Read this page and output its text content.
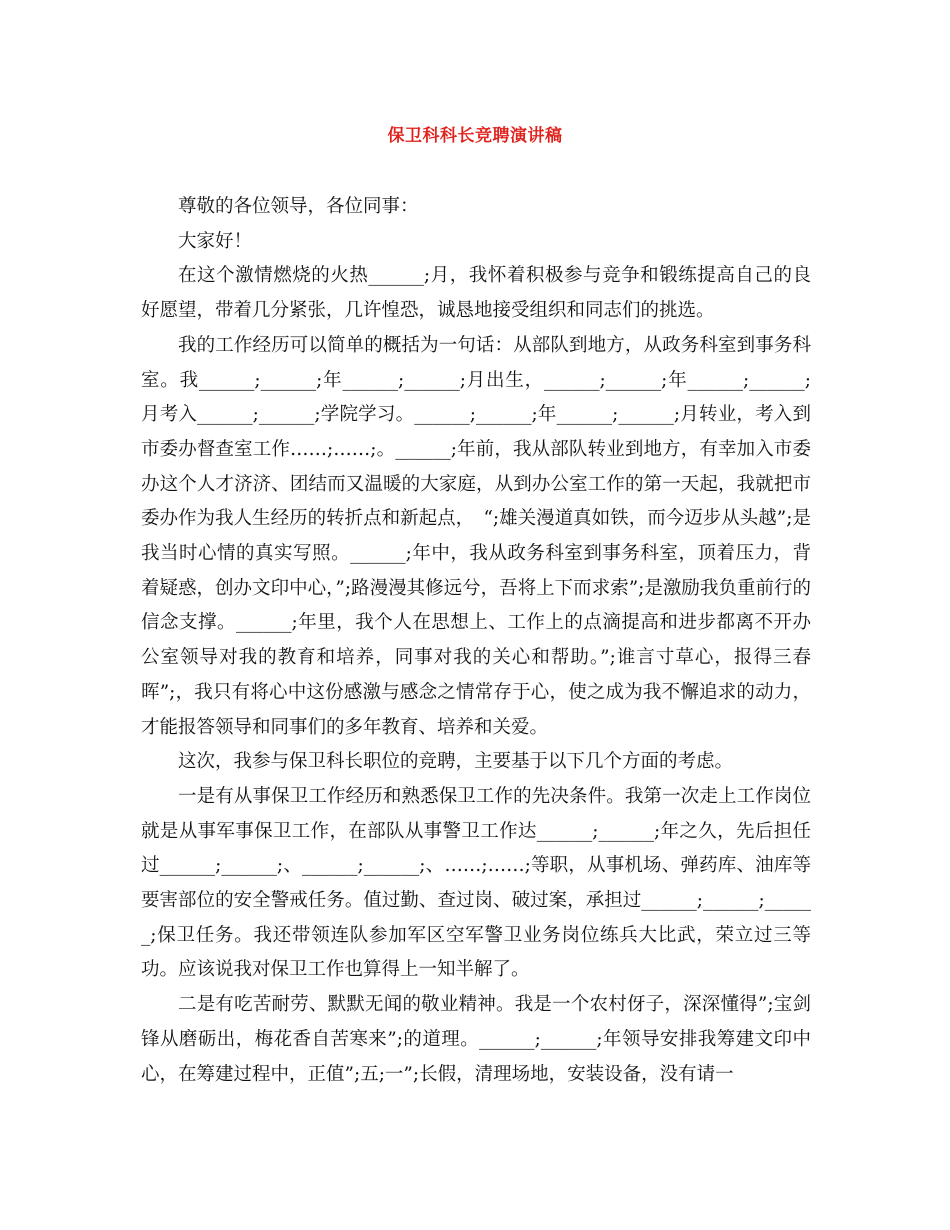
保卫科科长竞聘演讲稿

尊敬的各位领导，各位同事：

大家好！

在这个激情燃烧的火热______;月，我怀着积极参与竞争和锻练提高自己的良好愿望，带着几分紧张，几许惶恐，诚恳地接受组织和同志们的挑选。

我的工作经历可以简单的概括为一句话：从部队到地方，从政务科室到事务科室。我______;______;年______;______;月出生，______;______;年______;______;月考入______;______;学院学习。______;______;年______;______;月转业，考入到市委办督查室工作……;……;。______;年前，我从部队转业到地方，有幸加入市委办这个人才济济、团结而又温暖的大家庭，从到办公室工作的第一天起，我就把市委办作为我人生经历的转折点和新起点，　“;雄关漫道真如铁，而今迈步从头越”;是我当时心情的真实写照。______;年中，我从政务科室到事务科室，顶着压力，背着疑惑，创办文印中心，”;路漫漫其修远兮，吾将上下而求索”;是激励我负重前行的信念支撑。______;年里，我个人在思想上、工作上的点滴提高和进步都离不开办公室领导对我的教育和培养，同事对我的关心和帮助。”;谁言寸草心，报得三春晖”;，我只有将心中这份感激与感念之情常存于心，使之成为我不懈追求的动力，才能报答领导和同事们的多年教育、培养和关爱。

这次，我参与保卫科长职位的竞聘，主要基于以下几个方面的考虑。

一是有从事保卫工作经历和熟悉保卫工作的先决条件。我第一次走上工作岗位就是从事军事保卫工作，在部队从事警卫工作达______;______;年之久，先后担任过______;______;、______;______;、……;……;等职，从事机场、弹药库、油库等要害部位的安全警戒任务。值过勤、查过岗、破过案，承担过______;______;______;保卫任务。我还带领连队参加军区空军警卫业务岗位练兵大比武，荣立过三等功。应该说我对保卫工作也算得上一知半解了。

二是有吃苦耐劳、默默无闻的敬业精神。我是一个农村伢子，深深懂得”;宝剑锋从磨砺出，梅花香自苦寒来”;的道理。______;______;年领导安排我筹建文印中心，在筹建过程中，正值”;五;一”;长假，清理场地，安装设备，没有请一
